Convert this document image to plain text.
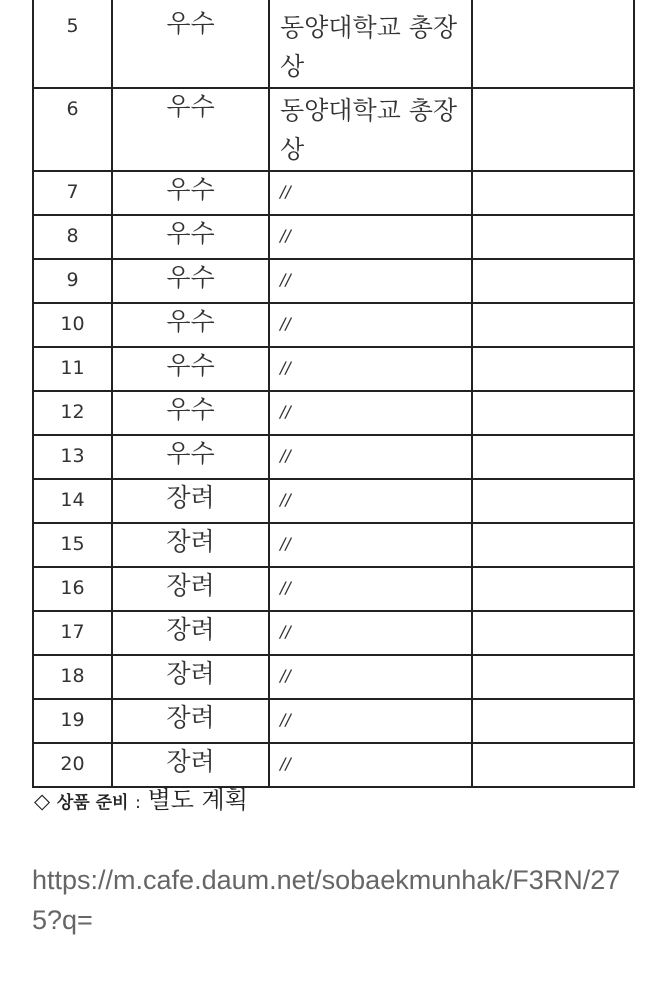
5	우수	동양대학교 총장상	
6	우수	동양대학교 총장상	
7	우수	//	
8	우수	//	
9	우수	//	
10	우수	//	
11	우수	//	
12	우수	//	
13	우수	//	
14	장려	//	
15	장려	//	
16	장려	//	
17	장려	//	
18	장려	//	
19	장려	//	
20	장려	//	
◇ 상품 준비 : 별도 계획
https://m.cafe.daum.net/sobaekmunhak/F3RN/275?q=
